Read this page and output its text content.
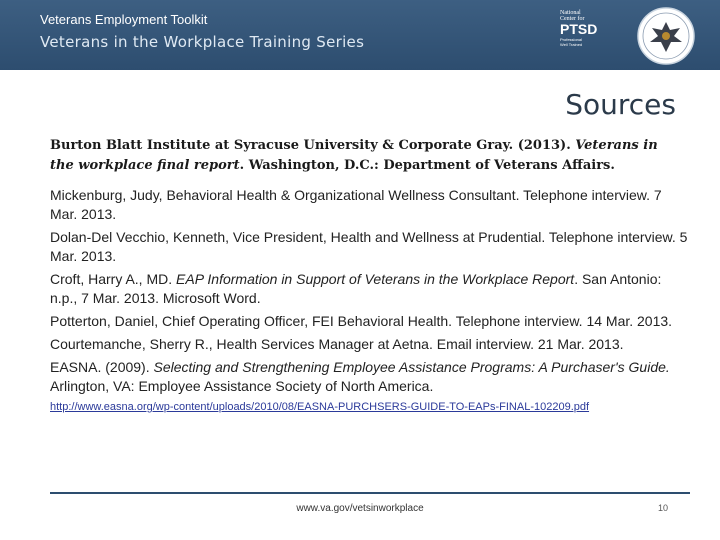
Veterans Employment Toolkit
Veterans in the Workplace Training Series
National
Center for
PTSD
Professional
Well Trained
Sources
Burton Blatt Institute at Syracuse University & Corporate Gray. (2013). Veterans in the workplace final report. Washington, D.C.: Department of Veterans Affairs.

Mickenburg, Judy, Behavioral Health & Organizational Wellness Consultant. Telephone interview. 7 Mar. 2013.

Dolan-Del Vecchio, Kenneth, Vice President, Health and Wellness at Prudential. Telephone interview. 5 Mar. 2013.

Croft, Harry A., MD. EAP Information in Support of Veterans in the Workplace Report. San Antonio: n.p., 7 Mar. 2013. Microsoft Word.

Potterton, Daniel, Chief Operating Officer, FEI Behavioral Health. Telephone interview. 14 Mar. 2013.

Courtemanche, Sherry R., Health Services Manager at Aetna. Email interview. 21 Mar. 2013.

EASNA. (2009). Selecting and Strengthening Employee Assistance Programs: A Purchaser's Guide. Arlington, VA: Employee Assistance Society of North America.

http://www.easna.org/wp-content/uploads/2010/08/EASNA-PURCHSERS-GUIDE-TO-EAPs-FINAL-102209.pdf

www.va.gov/vetsinworkplace	10
